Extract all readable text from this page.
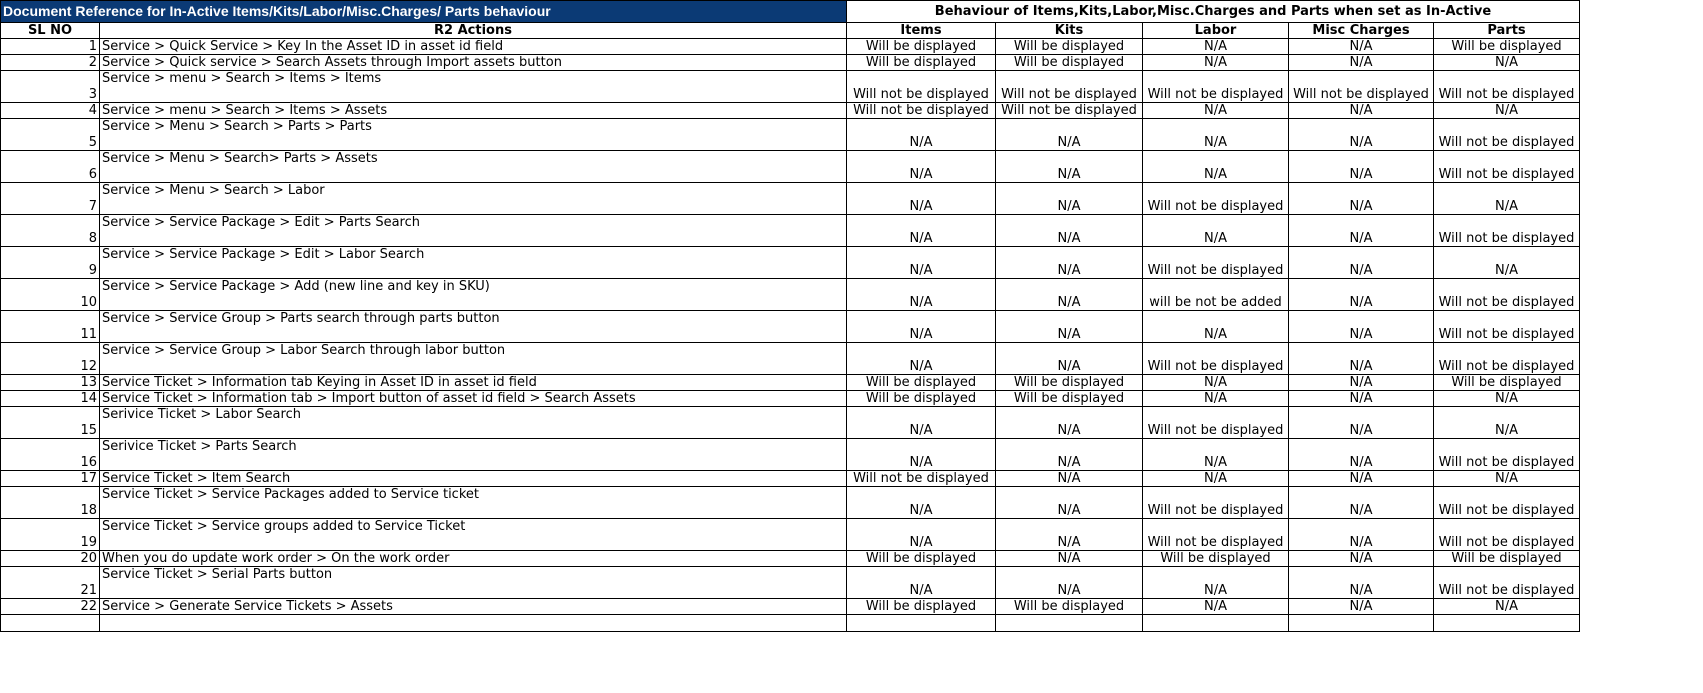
Document Reference for In-Active Items/Kits/Labor/Misc.Charges/ Parts behaviour		Behaviour of Items,Kits,Labor,Misc.Charges and Parts when set as In-Active				
SL NO	R2 Actions	Items	Kits	Labor	Misc Charges	Parts
1	Service > Quick Service > Key In the Asset ID in asset id field	Will be displayed	Will be displayed	N/A	N/A	Will be displayed
2	Service > Quick service > Search Assets through Import assets button	Will be displayed	Will be displayed	N/A	N/A	N/A
3	Service > menu > Search > Items > Items	Will not be displayed	Will not be displayed	Will not be displayed	Will not be displayed	Will not be displayed
4	Service > menu > Search > Items > Assets	Will not be displayed	Will not be displayed	N/A	N/A	N/A
5	Service > Menu > Search > Parts > Parts	N/A	N/A	N/A	N/A	Will not be displayed
6	Service > Menu > Search> Parts > Assets	N/A	N/A	N/A	N/A	Will not be displayed
7	Service > Menu > Search > Labor	N/A	N/A	Will not be displayed	N/A	N/A
8	Service > Service Package > Edit > Parts Search	N/A	N/A	N/A	N/A	Will not be displayed
9	Service > Service Package > Edit > Labor Search	N/A	N/A	Will not be displayed	N/A	N/A
10	Service > Service Package > Add (new line and key in SKU)	N/A	N/A	will be not be added	N/A	Will not be displayed
11	Service > Service Group > Parts search through parts button	N/A	N/A	N/A	N/A	Will not be displayed
12	Service > Service Group > Labor Search through labor button	N/A	N/A	Will not be displayed	N/A	Will not be displayed
13	Service Ticket > Information tab Keying in Asset ID in asset id field	Will be displayed	Will be displayed	N/A	N/A	Will be displayed
14	Service Ticket > Information tab > Import button of asset id field > Search Assets	Will be displayed	Will be displayed	N/A	N/A	N/A
15	Serivice Ticket > Labor Search	N/A	N/A	Will not be displayed	N/A	N/A
16	Serivice Ticket > Parts Search	N/A	N/A	N/A	N/A	Will not be displayed
17	Service Ticket > Item Search	Will not be displayed	N/A	N/A	N/A	N/A
18	Service Ticket > Service Packages added to Service ticket	N/A	N/A	Will not be displayed	N/A	Will not be displayed
19	Service Ticket > Service groups added to Service Ticket	N/A	N/A	Will not be displayed	N/A	Will not be displayed
20	When you do update work order > On the work order	Will be displayed	N/A	Will be displayed	N/A	Will be displayed
21	Service Ticket > Serial Parts button	N/A	N/A	N/A	N/A	Will not be displayed
22	Service > Generate Service Tickets > Assets	Will be displayed	Will be displayed	N/A	N/A	N/A
